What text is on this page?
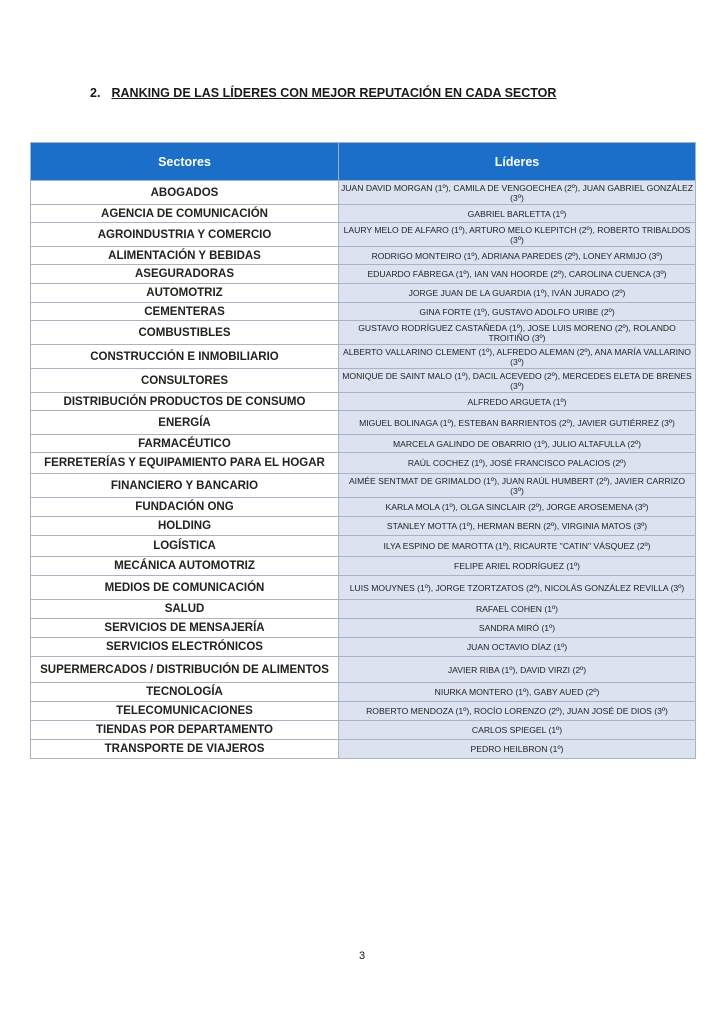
2. RANKING DE LAS LÍDERES CON MEJOR REPUTACIÓN EN CADA SECTOR
Sectores	Líderes
ABOGADOS	JUAN DAVID MORGAN (1º), CAMILA DE VENGOECHEA (2º), JUAN GABRIEL GONZÁLEZ (3º)
AGENCIA DE COMUNICACIÓN	GABRIEL BARLETTA (1º)
AGROINDUSTRIA Y COMERCIO	LAURY MELO DE ALFARO (1º), ARTURO MELO KLEPITCH (2º), ROBERTO TRIBALDOS (3º)
ALIMENTACIÓN Y BEBIDAS	RODRIGO MONTEIRO (1º), ADRIANA PAREDES (2º), LONEY ARMIJO (3º)
ASEGURADORAS	EDUARDO FÁBREGA (1º), IAN VAN HOORDE (2º), CAROLINA CUENCA (3º)
AUTOMOTRIZ	JORGE JUAN DE LA GUARDIA (1º), IVÁN JURADO (2º)
CEMENTERAS	GINA FORTE (1º), GUSTAVO ADOLFO URIBE (2º)
COMBUSTIBLES	GUSTAVO RODRÍGUEZ CASTAÑEDA (1º), JOSE LUIS MORENO (2º), ROLANDO TROITIÑO (3º)
CONSTRUCCIÓN E INMOBILIARIO	ALBERTO VALLARINO CLEMENT (1º), ALFREDO ALEMAN (2º), ANA MARÍA VALLARINO (3º)
CONSULTORES	MONIQUE DE SAINT MALO (1º), DACIL ACEVEDO (2º), MERCEDES ELETA DE BRENES (3º)
DISTRIBUCIÓN PRODUCTOS DE CONSUMO	ALFREDO ARGUETA (1º)
ENERGÍA	MIGUEL BOLINAGA (1º), ESTEBAN BARRIENTOS (2º), JAVIER GUTIÉRREZ (3º)
FARMACÉUTICO	MARCELA GALINDO DE OBARRIO (1º), JULIO ALTAFULLA (2º)
FERRETERÍAS Y EQUIPAMIENTO PARA EL HOGAR	RAÚL COCHEZ (1º), JOSÉ FRANCISCO PALACIOS (2º)
FINANCIERO Y BANCARIO	AIMÉE SENTMAT DE GRIMALDO (1º), JUAN RAÚL HUMBERT (2º), JAVIER CARRIZO (3º)
FUNDACIÓN ONG	KARLA MOLA (1º), OLGA SINCLAIR (2º), JORGE AROSEMENA (3º)
HOLDING	STANLEY MOTTA (1º), HERMAN BERN (2º), VIRGINIA MATOS (3º)
LOGÍSTICA	ILYA ESPINO DE MAROTTA (1º), RICAURTE "CATIN" VÁSQUEZ (2º)
MECÁNICA AUTOMOTRIZ	FELIPE ARIEL RODRÍGUEZ (1º)
MEDIOS DE COMUNICACIÓN	LUIS MOUYNES (1º), JORGE TZORTZATOS (2º), NICOLÁS GONZÁLEZ REVILLA (3º)
SALUD	RAFAEL COHEN (1º)
SERVICIOS DE MENSAJERÍA	SANDRA MIRÓ (1º)
SERVICIOS ELECTRÓNICOS	JUAN OCTAVIO DÍAZ (1º)
SUPERMERCADOS / DISTRIBUCIÓN DE ALIMENTOS	JAVIER RIBA (1º), DAVID VIRZI (2º)
TECNOLOGÍA	NIURKA MONTERO (1º), GABY AUED (2º)
TELECOMUNICACIONES	ROBERTO MENDOZA (1º), ROCÍO LORENZO (2º), JUAN JOSÉ DE DIOS (3º)
TIENDAS POR DEPARTAMENTO	CARLOS SPIEGEL (1º)
TRANSPORTE DE VIAJEROS	PEDRO HEILBRON (1º)
3
